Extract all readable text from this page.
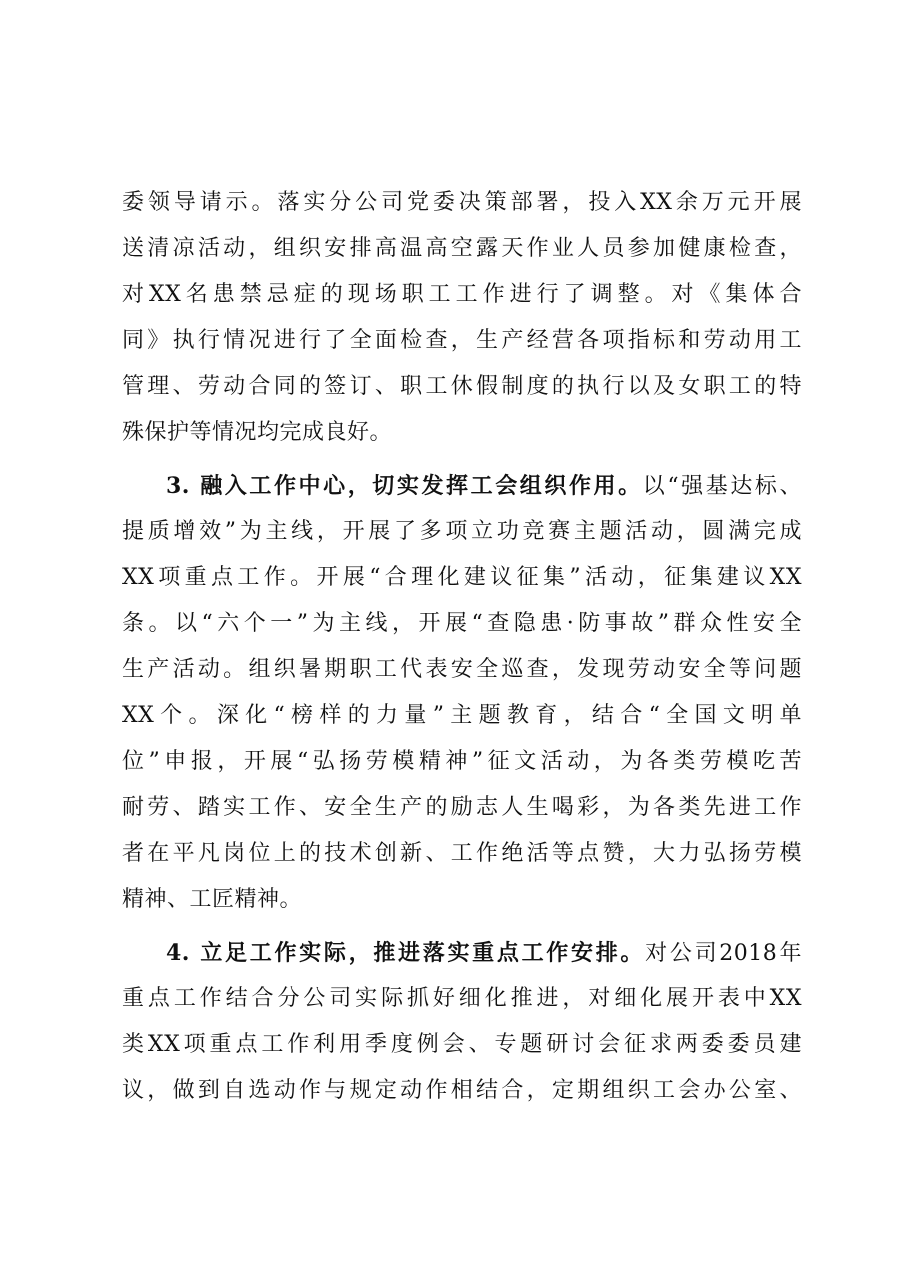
委领导请示。落实分公司党委决策部署，投入XX余万元开展
送清凉活动，组织安排高温高空露天作业人员参加健康检查，
对XX名患禁忌症的现场职工工作进行了调整。对《集体合
同》执行情况进行了全面检查，生产经营各项指标和劳动用工
管理、劳动合同的签订、职工休假制度的执行以及女职工的特
殊保护等情况均完成良好。
3. 融入工作中心，切实发挥工会组织作用。以“强基达标、
提质增效”为主线，开展了多项立功竞赛主题活动，圆满完成
XX项重点工作。开展“合理化建议征集”活动，征集建议XX
条。以“六个一”为主线，开展“查隐患·防事故”群众性安全
生产活动。组织暑期职工代表安全巡查，发现劳动安全等问题
XX个。深化“榜样的力量”主题教育，结合“全国文明单
位”申报，开展“弘扬劳模精神”征文活动，为各类劳模吃苦
耐劳、踏实工作、安全生产的励志人生喝彩，为各类先进工作
者在平凡岗位上的技术创新、工作绝活等点赞，大力弘扬劳模
精神、工匠精神。
4. 立足工作实际，推进落实重点工作安排。对公司2018年
重点工作结合分公司实际抓好细化推进，对细化展开表中XX
类XX项重点工作利用季度例会、专题研讨会征求两委委员建
议，做到自选动作与规定动作相结合，定期组织工会办公室、
